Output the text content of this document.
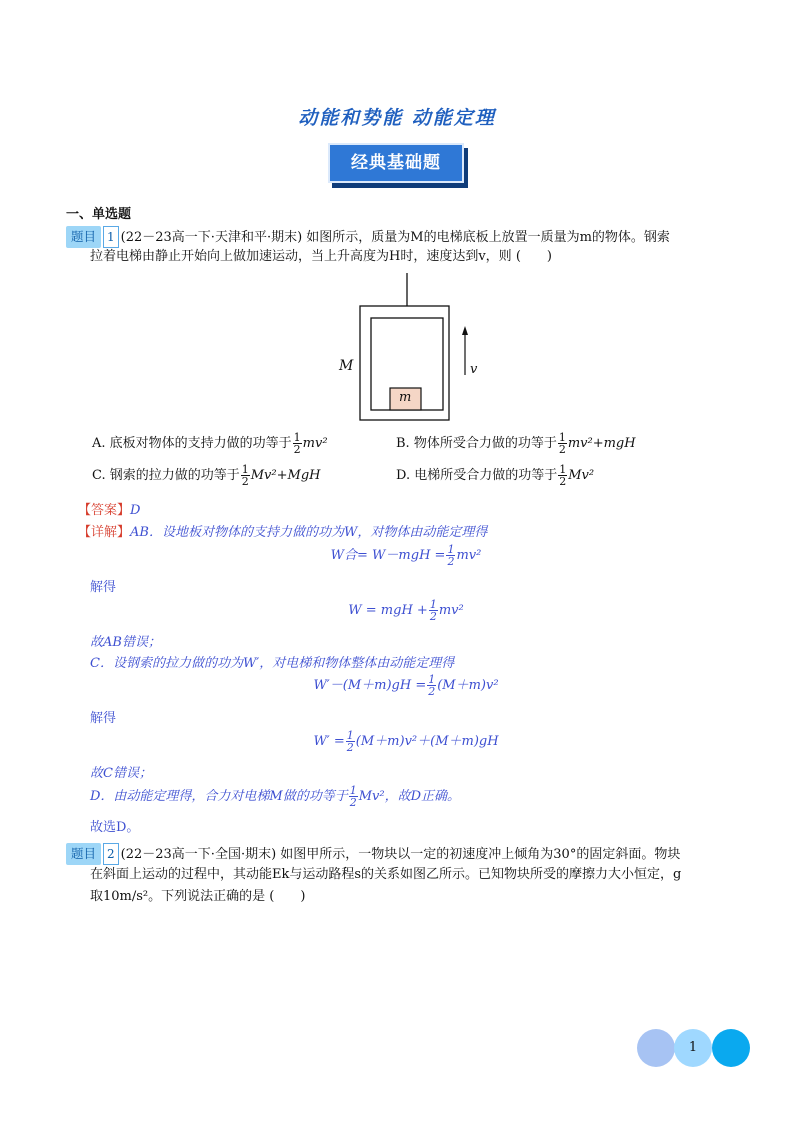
动能和势能 动能定理
经典基础题
一、单选题
题目 1 (22－23高一下·天津和平·期末) 如图所示，质量为M的电梯底板上放置一质量为m的物体。钢索
拉着电梯由静止开始向上做加速运动，当上升高度为H时，速度达到v，则 (　　)
M
m
v
A. 底板对物体的支持力做的功等于 $\frac{1}{2} mv^2$	B. 物体所受合力做的功等于 $\frac{1}{2} mv^2+mgH$
C. 钢索的拉力做的功等于 $\frac{1}{2} Mv^2+MgH$	D. 电梯所受合力做的功等于 $\frac{1}{2} Mv^2$
【答案】D
【详解】AB．设地板对物体的支持力做的功为W，对物体由动能定理得
W合= $W-mgH = \frac{1}{2} mv^2$
解得
W = mgH + $\frac{1}{2} mv^2$
故AB错误；
C．设钢索的拉力做的功为W′，对电梯和物体整体由动能定理得
$W'-(M+m)gH = \frac{1}{2} (M+m)v^2$
解得
$W' = \frac{1}{2} (M+m)v^2+(M+m)gH$
故C错误；
D．由动能定理得，合力对电梯M做的功等于 $\frac{1}{2} Mv^2$，故D正确。
故选D。
题目 2 (22－23高一下·全国·期末) 如图甲所示，一物块以一定的初速度冲上倾角为30°的固定斜面。物块
在斜面上运动的过程中，其动能Ek与运动路程s的关系如图乙所示。已知物块所受的摩擦力大小恒定，g
取10m/s²。下列说法正确的是 (　　)
1
